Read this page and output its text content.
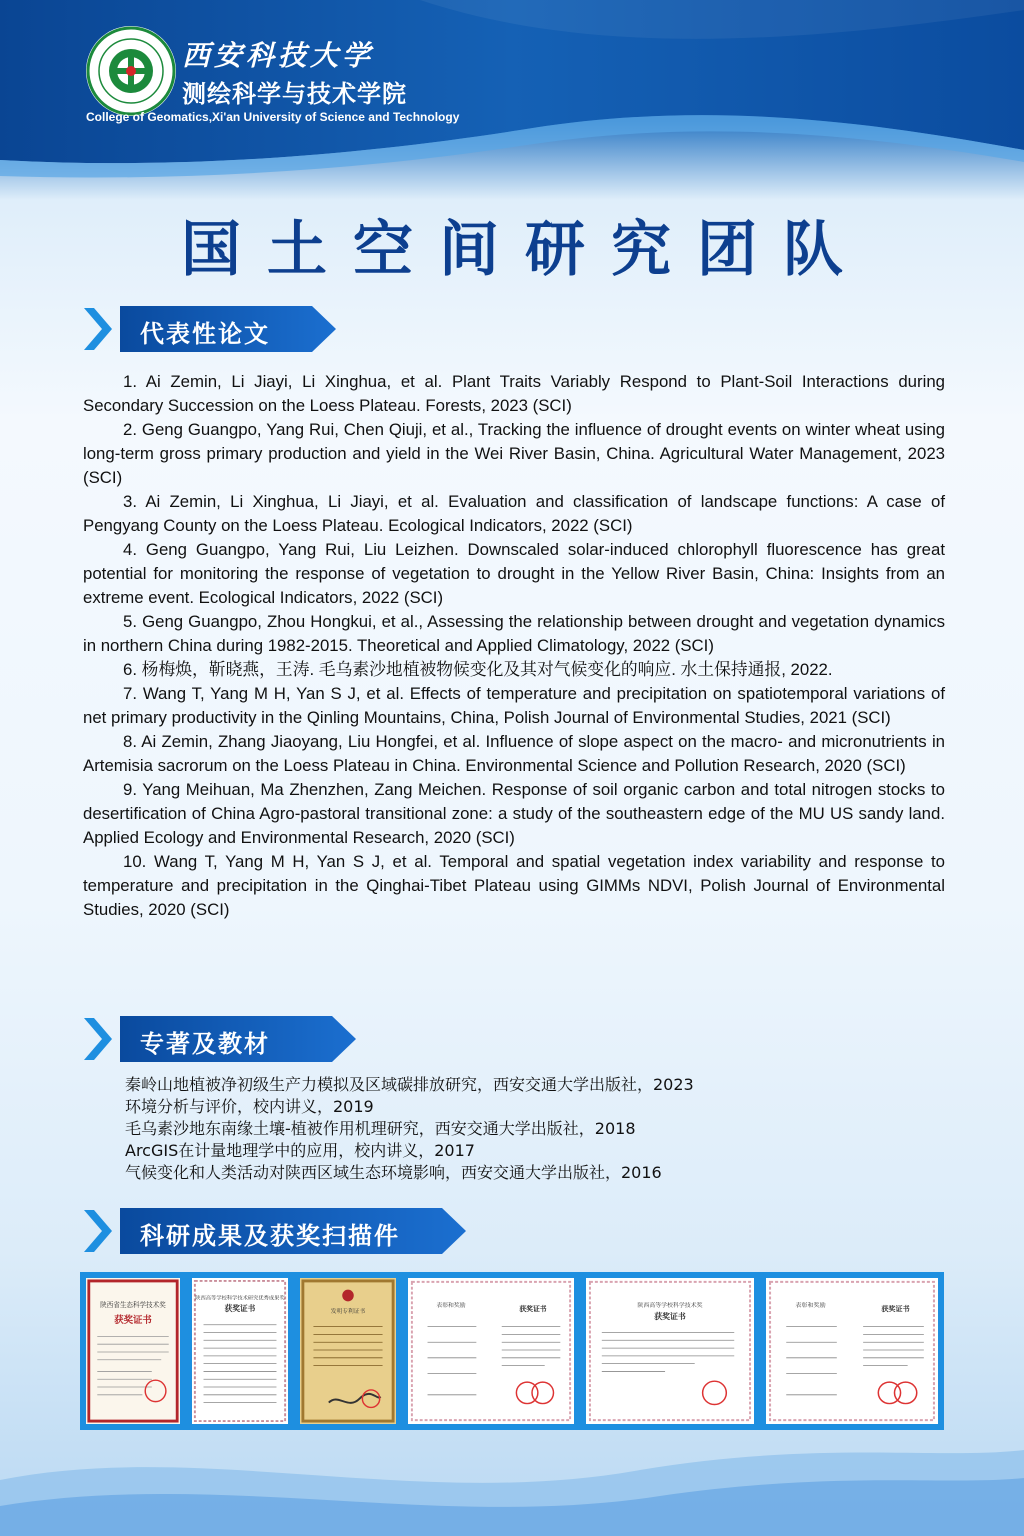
西安科技大学
测绘科学与技术学院
College of Geomatics,Xi'an University of Science and Technology
国土空间研究团队
代表性论文

1. Ai Zemin, Li Jiayi, Li Xinghua, et al. Plant Traits Variably Respond to Plant-Soil Interactions during Secondary Succession on the Loess Plateau. Forests, 2023 (SCI)

2. Geng Guangpo, Yang Rui, Chen Qiuji, et al., Tracking the influence of drought events on winter wheat using long-term gross primary production and yield in the Wei River Basin, China. Agricultural Water Management, 2023 (SCI)

3. Ai Zemin, Li Xinghua, Li Jiayi, et al. Evaluation and classification of landscape functions: A case of Pengyang County on the Loess Plateau. Ecological Indicators, 2022 (SCI)

4. Geng Guangpo, Yang Rui, Liu Leizhen. Downscaled solar-induced chlorophyll fluorescence has great potential for monitoring the response of vegetation to drought in the Yellow River Basin, China: Insights from an extreme event. Ecological Indicators, 2022 (SCI)

5. Geng Guangpo, Zhou Hongkui, et al., Assessing the relationship between drought and vegetation dynamics in northern China during 1982-2015. Theoretical and Applied Climatology, 2022 (SCI)

6. 杨梅焕，靳晓燕，王涛. 毛乌素沙地植被物候变化及其对气候变化的响应. 水土保持通报, 2022.

7. Wang T, Yang M H, Yan S J, et al. Effects of temperature and precipitation on spatiotemporal variations of net primary productivity in the Qinling Mountains, China, Polish Journal of Environmental Studies, 2021 (SCI)

8. Ai Zemin, Zhang Jiaoyang, Liu Hongfei, et al. Influence of slope aspect on the macro- and micronutrients in Artemisia sacrorum on the Loess Plateau in China. Environmental Science and Pollution Research, 2020 (SCI)

9. Yang Meihuan, Ma Zhenzhen, Zang Meichen. Response of soil organic carbon and total nitrogen stocks to desertification of China Agro-pastoral transitional zone: a study of the southeastern edge of the MU US sandy land. Applied Ecology and Environmental Research, 2020 (SCI)

10. Wang T, Yang M H, Yan S J, et al. Temporal and spatial vegetation index variability and response to temperature and precipitation in the Qinghai-Tibet Plateau using GIMMs NDVI, Polish Journal of Environmental Studies, 2020 (SCI)

专著及教材

秦岭山地植被净初级生产力模拟及区域碳排放研究，西安交通大学出版社，2023

环境分析与评价，校内讲义，2019

毛乌素沙地东南缘土壤-植被作用机理研究，西安交通大学出版社，2018

ArcGIS在计量地理学中的应用，校内讲义，2017

气候变化和人类活动对陕西区域生态环境影响，西安交通大学出版社，2016

科研成果及获奖扫描件
陕西省生态科学技术奖
获奖证书
陕西高等学校科学技术研究优秀成果奖
获奖证书	发明专利证书
表彰和奖励	获奖证书	陕西高等学校科学技术奖
获奖证书
表彰和奖励	获奖证书
